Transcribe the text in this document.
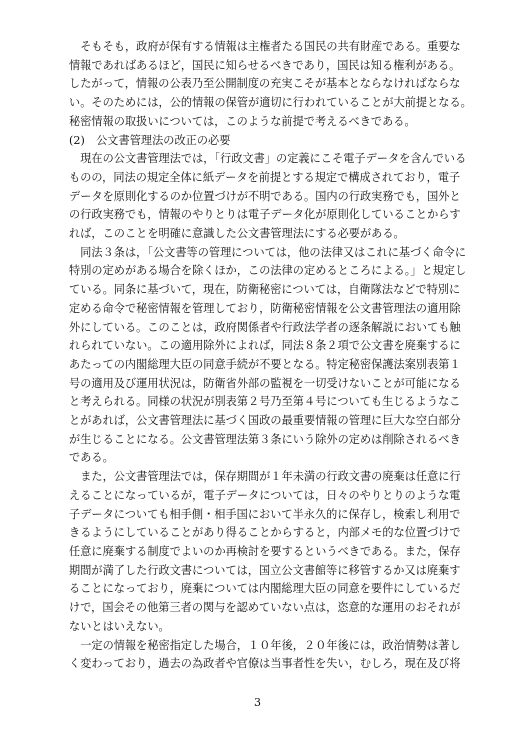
　そもそも，政府が保有する情報は主権者たる国民の共有財産である。重要な
情報であればあるほど，国民に知らせるべきであり，国民は知る権利がある。
したがって，情報の公表乃至公開制度の充実こそが基本とならなければならな
い。そのためには，公的情報の保管が適切に行われていることが大前提となる。
秘密情報の取扱いについては，このような前提で考えるべきである。

(2)　公文書管理法の改正の必要

　現在の公文書管理法では，「行政文書」の定義にこそ電子データを含んでいる
ものの，同法の規定全体に紙データを前提とする規定で構成されており，電子
データを原則化するのか位置づけが不明である。国内の行政実務でも，国外と
の行政実務でも，情報のやりとりは電子データ化が原則化していることからす
れば，このことを明確に意識した公文書管理法にする必要がある。

　同法３条は，「公文書等の管理については，他の法律又はこれに基づく命令に
特別の定めがある場合を除くほか，この法律の定めるところによる。」と規定し
ている。同条に基づいて，現在，防衛秘密については，自衛隊法などで特別に
定める命令で秘密情報を管理しており，防衛秘密情報を公文書管理法の適用除
外にしている。このことは，政府関係者や行政法学者の逐条解説においても触
れられていない。この適用除外によれば，同法８条２項で公文書を廃棄するに
あたっての内閣総理大臣の同意手続が不要となる。特定秘密保護法案別表第１
号の適用及び運用状況は，防衛省外部の監視を一切受けないことが可能になる
と考えられる。同様の状況が別表第２号乃至第４号についても生じるようなこ
とがあれば，公文書管理法に基づく国政の最重要情報の管理に巨大な空白部分
が生じることになる。公文書管理法第３条にいう除外の定めは削除されるべき
である。

　また，公文書管理法では，保存期間が１年未満の行政文書の廃棄は任意に行
えることになっているが，電子データについては，日々のやりとりのような電
子データについても相手側・相手国において半永久的に保存し，検索し利用で
きるようにしていることがあり得ることからすると，内部メモ的な位置づけで
任意に廃棄する制度でよいのか再検討を要するというべきである。また，保存
期間が満了した行政文書については，国立公文書館等に移管するか又は廃棄す
ることになっており，廃棄については内閣総理大臣の同意を要件にしているだ
けで，国会その他第三者の関与を認めていない点は，恣意的な運用のおそれが
ないとはいえない。

　一定の情報を秘密指定した場合，１０年後，２０年後には，政治情勢は著し
く変わっており，過去の為政者や官僚は当事者性を失い，むしろ，現在及び将

3
